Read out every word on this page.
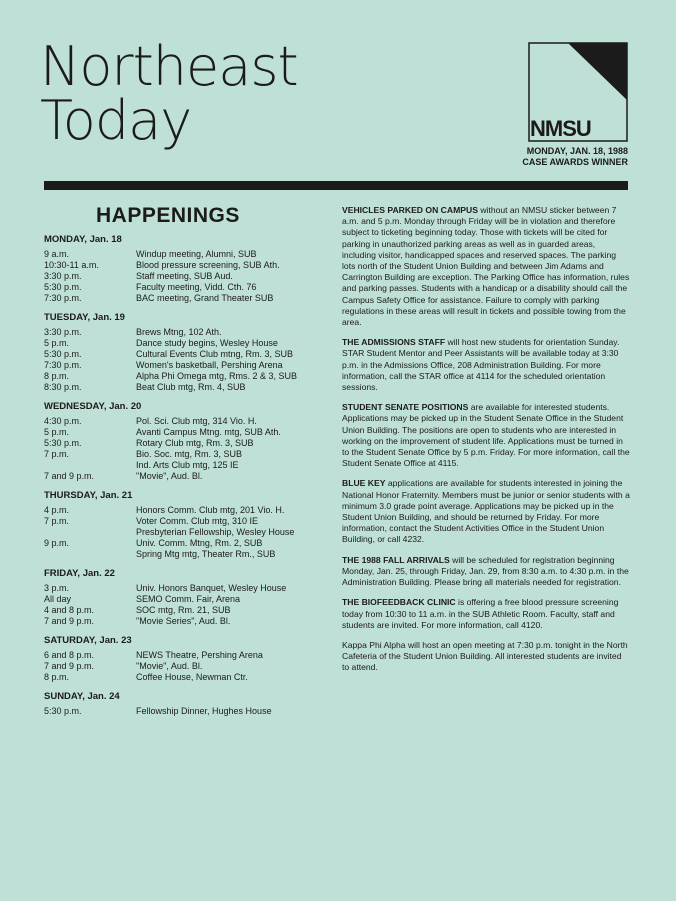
Northeast
Today	NMSU
MONDAY, JAN. 18, 1988
CASE AWARDS WINNER
HAPPENINGS
MONDAY, Jan. 18
9 a.m.	Windup meeting, Alumni, SUB
10:30-11 a.m.	Blood pressure screening, SUB Ath.
3:30 p.m.	Staff meeting, SUB Aud.
5:30 p.m.	Faculty meeting, Vidd. Cth. 76
7:30 p.m.	BAC meeting, Grand Theater SUB
TUESDAY, Jan. 19
3:30 p.m.	Brews Mtng, 102 Ath.
5 p.m.	Dance study begins, Wesley House
5:30 p.m.	Cultural Events Club mtng, Rm. 3, SUB
7:30 p.m.	Women's basketball, Pershing Arena
8 p.m.	Alpha Phi Omega mtg, Rms. 2 & 3, SUB
8:30 p.m.	Beat Club mtg, Rm. 4, SUB
WEDNESDAY, Jan. 20
4:30 p.m.	Pol. Sci. Club mtg, 314 Vio. H.
5 p.m.	Avanti Campus Mtng. mtg, SUB Ath.
5:30 p.m.	Rotary Club mtg, Rm. 3, SUB
7 p.m.	Bio. Soc. mtg, Rm. 3, SUB
Ind. Arts Club mtg, 125 IE
7 and 9 p.m.	"Movie", Aud. Bl.
THURSDAY, Jan. 21
4 p.m.	Honors Comm. Club mtg, 201 Vio. H.
7 p.m.	Voter Comm. Club mtg, 310 IE
Presbyterian Fellowship, Wesley House
9 p.m.	Univ. Comm. Mtng, Rm. 2, SUB
Spring Mtg mtg, Theater Rm., SUB
FRIDAY, Jan. 22
3 p.m.	Univ. Honors Banquet, Wesley House
All day	SEMO Comm. Fair, Arena
4 and 8 p.m.	SOC mtg, Rm. 21, SUB
7 and 9 p.m.	"Movie Series", Aud. Bl.
SATURDAY, Jan. 23
6 and 8 p.m.	NEWS Theatre, Pershing Arena
7 and 9 p.m.	"Movie", Aud. Bl.
8 p.m.	Coffee House, Newman Ctr.
SUNDAY, Jan. 24
5:30 p.m.	Fellowship Dinner, Hughes House

VEHICLES PARKED ON CAMPUS without an NMSU sticker between 7 a.m. and 5 p.m. Monday through Friday will be in violation and therefore subject to ticketing beginning today. Those with tickets will be cited for parking in unauthorized parking areas as well as in guarded areas, including visitor, handicapped spaces and reserved spaces. The parking lots north of the Student Union Building and between Jim Adams and Carrington Building are exception. The Parking Office has information, rules and parking passes. Students with a handicap or a disability should call the Campus Safety Office for assistance. Failure to comply with parking regulations in these areas will result in tickets and possible towing from the area.

THE ADMISSIONS STAFF will host new students for orientation Sunday. STAR Student Mentor and Peer Assistants will be available today at 3:30 p.m. in the Admissions Office, 208 Administration Building. For more information, call the STAR office at 4114 for the scheduled orientation sessions.

STUDENT SENATE POSITIONS are available for interested students. Applications may be picked up in the Student Senate Office in the Student Union Building. The positions are open to students who are interested in working on the improvement of student life. Applications must be turned in to the Student Senate Office by 5 p.m. Friday. For more information, call the Student Senate Office at 4115.

BLUE KEY applications are available for students interested in joining the National Honor Fraternity. Members must be junior or senior students with a minimum 3.0 grade point average. Applications may be picked up in the Student Union Building, and should be returned by Friday. For more information, contact the Student Activities Office in the Student Union Building, or call 4232.

THE 1988 FALL ARRIVALS will be scheduled for registration beginning Monday, Jan. 25, through Friday, Jan. 29, from 8:30 a.m. to 4:30 p.m. in the Administration Building. Please bring all materials needed for registration.

THE BIOFEEDBACK CLINIC is offering a free blood pressure screening today from 10:30 to 11 a.m. in the SUB Athletic Room. Faculty, staff and students are invited. For more information, call 4120.

Kappa Phi Alpha will host an open meeting at 7:30 p.m. tonight in the North Cafeteria of the Student Union Building. All interested students are invited to attend.
